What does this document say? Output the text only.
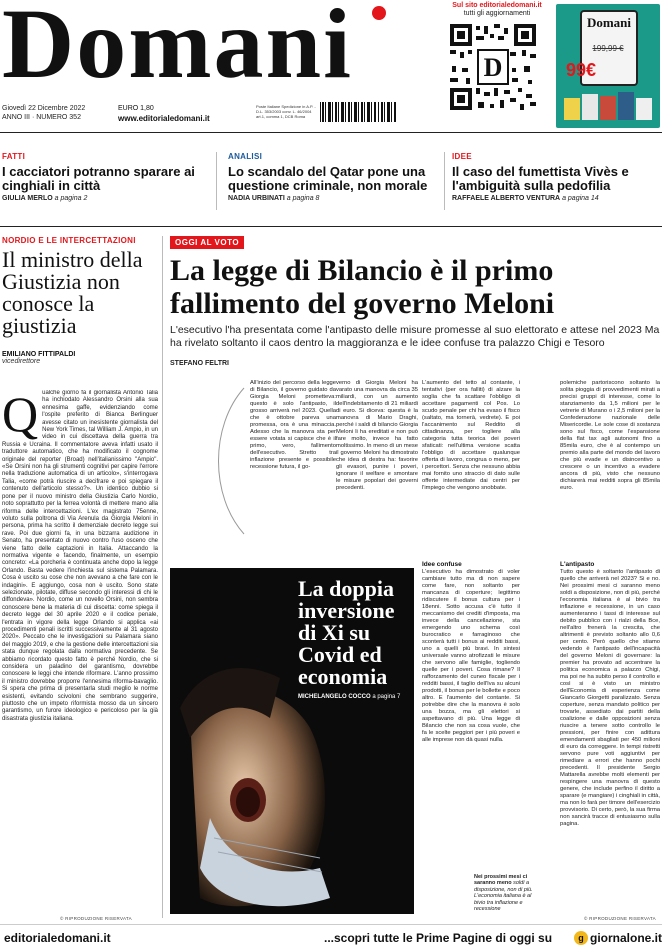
Domani
Giovedì 22 Dicembre 2022
ANNO III · NUMERO 352
EURO 1,80
www.editorialedomani.it
Poste Italiane Spedizione in A.P. - D.L. 353/2003 conv. L. 46/2004 art.1, comma 1, DCB Roma
Sul sito editorialedomani.it
tutti gli aggiornamenti
D
Domani
199,99 €
99€
FATTI
I cacciatori potranno sparare ai cinghiali in città
GIULIA MERLO a pagina 2
ANALISI
Lo scandalo del Qatar pone una questione criminale, non morale
NADIA URBINATI a pagina 8
IDEE
Il caso del fumettista Vivès e l'ambiguità sulla pedofilia
RAFFAELE ALBERTO VENTURA a pagina 14
NORDIO E LE INTERCETTAZIONI
Il ministro della Giustizia non conosce la giustizia
EMILIANO FITTIPALDI
vicedirettore
Q ualche giorno fa il giornalista Antonio Talia ha inchiodato Alessandro Orsini alla sua ennesima gaffe, evidenziando come l'ospite preferito di Bianca Berlinguer avesse citato un inesistente giornalista del New York Times, tal William J. Ampio, in un video in cui discettava della guerra tra Russia e Ucraina. Il commentatore aveva infatti usato il traduttore automatico, che ha modificato il cognome originale del reporter (Broad) nell'italianissimo "Ampio". «Se Orsini non ha gli strumenti cognitivi per capire l'errore nella traduzione automatica di un articolo», s'interrogava Talia, «come potrà riuscire a decifrare e poi spiegare il contenuto dell'articolo stesso?». Un identico dubbio si pone per il nuovo ministro della Giustizia Carlo Nordio, noto soprattutto per la ferrea volontà di mettere mano alla riforma delle intercettazioni. L'ex magistrato 75enne, voluto sulla poltrona di Via Arenula da Giorgia Meloni in persona, prima ha scritto il demenziale decreto legge sui rave. Poi due giorni fa, in una bizzarra audizione in Senato, ha presentato di nuovo contro l'uso osceno che viene fatto delle captazioni in Italia. Attaccando la normativa vigente e facendo, finalmente, un esempio concreto: «La porcheria è continuata anche dopo la legge Orlando. Basta vedere l'inchiesta sul sistema Palamara. Cosa è uscito su cose che non avevano a che fare con le indagini». E aggiungo, cosa non è uscito. Sono state selezionate, pilotate, diffuse secondo gli interessi di chi le diffondeva». Nordio, come un novello Orsini, non sembra conoscere bene la materia di cui discetta: come spiega il decreto legge del 30 aprile 2020 e il codice penale, l'entrata in vigore della legge Orlando si applica «ai procedimenti penali iscritti successivamente al 31 agosto 2020». Peccato che le investigazioni su Palamara siano del maggio 2019, e che la gestione delle intercettazioni sia stata dunque regolata dalla normativa precedente. Se abbiamo ricordato questo fatto è perché Nordio, che si considera un paladino del garantismo, dovrebbe conoscere le leggi che intende riformare. L'anno prossimo il ministro dovrebbe proporre l'ennesima riforma-bavaglio. Si spera che prima di presentarla studi meglio le norme esistenti, evitando scivoloni che sembrano suggerire, piuttosto che un impeto riformista mosso da un sincero garantismo, un furore ideologico e pericoloso per la già disastrata giustizia italiana.
© RIPRODUZIONE RISERVATA
OGGI AL VOTO
La legge di Bilancio è il primo fallimento del governo Meloni
L'esecutivo l'ha presentata come l'antipasto delle misure promesse al suo elettorato e attese nel 2023 Ma ha rivelato soltanto il caos dentro la maggioranza e le idee confuse tra palazzo Chigi e Tesoro
STEFANO FELTRI
All'inizio del percorso della legge di Bilancio, il governo guidato da Giorgia Meloni prometteva: questo è solo l'antipasto, il grosso arriverà nel 2023. Quella che è ottobre pareva una promessa, ora è una minaccia. Adesso che la manovra sta per essere votata si capisce che è il primo, vero, fallimento dell'esecutivo. Stretto tra inflazione presente e possibile recessione futura, il go-
verno di Giorgia Meloni ha varato una manovra da circa 35 miliardi, con un aumento dell'indebitamento di 21 miliardi di euro. Si diceva: questa è la manovra di Mario Draghi, perché i saldi di bilancio Giorgia Meloni li ha ereditati e non può fare molto, invece ha fatto moltissimo. In meno di un mese il governo Meloni ha dimostrato che idea di destra ha: favorire gli evasori, punire i poveri, ignorare il welfare e smontare le misure popolari dei governi precedenti.
L'aumento del tetto al contante, i tentativi (per ora falliti) di alzare la soglia che fa scattare l'obbligo di accettare pagamenti col Pos. Lo scudo penale per chi ha evaso il fisco (saltato, ma tornerà, vedrete). E poi l'accanimento sul Reddito di cittadinanza, per togliere alla categoria tutta teorica dei poveri sfaticati: nell'ultima versione scatta l'obbligo di accettare qualunque offerta di lavoro, congrua o meno, per i percettori. Senza che nessuno abbia mai fornito uno straccio di dato sulle offerte intermediate dai centri per l'impiego che vengono snobbate.
Idee confuse
L'esecutivo ha dimostrato di voler cambiare tutto ma di non sapere come fare, non soltanto per mancanza di coperture; legittimo ridiscutere il bonus cultura per i 18enni. Sotto accusa c'è tutto il meccanismo dei crediti d'imposta, ma invece della cancellazione, sta emergendo uno schema così burocratico e farraginoso che sconterà tutti i bonus ai redditi bassi, uno a quelli più bravi. In sintesi universale vanno atrofizzati le misure che servono alle famiglie, togliendo quelle per i poveri. Cosa rimane? Il rafforzamento del cuneo fiscale per i redditi bassi, il taglio dell'Iva su alcuni prodotti, il bonus per le bollette e poco altro. E l'aumento del contante. Si potrebbe dire che la manovra è solo una bozza, ma gli elettori si aspettavano di più. Una legge di Bilancio che non sa cosa vuole, che fa le scelte peggiori per i più poveri e alle imprese non dà quasi nulla.
polemiche partoriscono soltanto la solita pioggia di provvedimenti mirati a precisi gruppi di interesse, come lo stanziamento da 1,5 milioni per le vetrerie di Murano o i 2,5 milioni per la Confederazione nazionale delle Misericordie. Le sole cose di sostanza sono sul fisco, come l'espansione della flat tax agli autonomi fino a 85mila euro, che è al contempo un premio alla parte del mondo del lavoro che più evade e un disincentivo a crescere o un incentivo a evadere ancora di più, visto che nessuno dichiarerà mai redditi sopra gli 85mila euro.
L'antipasto
Tutto questo è soltanto l'antipasto di quello che arriverà nel 2023? Si e no. Nei prossimi mesi ci saranno meno soldi a disposizione, non di più, perché l'economia italiana è al bivio tra inflazione e recessione, in un caso aumenteranno i tassi di interesse sul debito pubblico con i rialzi della Bce, nell'altro frenerà la crescita, che altrimenti è previsto soltanto allo 0,6 per cento. Però quello che stiamo vedendo è l'antipasto dell'incapacità del governo Meloni di governare: la premier ha provato ad accentrare la politica economica a palazzo Chigi, ma poi ne ha subito perso il controllo e così si è visto un ministro dell'Economia di esperienza come Giancarlo Giorgetti paralizzato. Senza coperture, senza mandato politico per trovarle, assediato dai partiti della coalizione e dalle opposizioni senza riuscire a tenere sotto controllo le pressioni, per finire con adittura emendamenti sbagliati per 450 milioni di euro da correggere. In tempi ristretti servono pure voti aggiuntivi per rimediare a errori che hanno pochi precedenti. Il presidente Sergio Mattarella avrebbe molti elementi per respingere una manovra di questo genere, che include perfino il diritto a sparare (e mangiare) i cinghiali in città, ma non lo farà per timore dell'esercizio provvisorio. Di certo, però, la sua firma non sancirà tracce di entusiasmo sulla pagina.
© RIPRODUZIONE RISERVATA
La doppia inversione di Xi su Covid ed economia
MICHELANGELO COCCO a pagina 7
Nei prossimi mesi ci saranno meno soldi a disposizione, non di più. L'economia italiana è al bivio tra inflazione e recessione
editorialedomani.it	...scopri tutte le Prime Pagine di oggi su	g giornalone.it
